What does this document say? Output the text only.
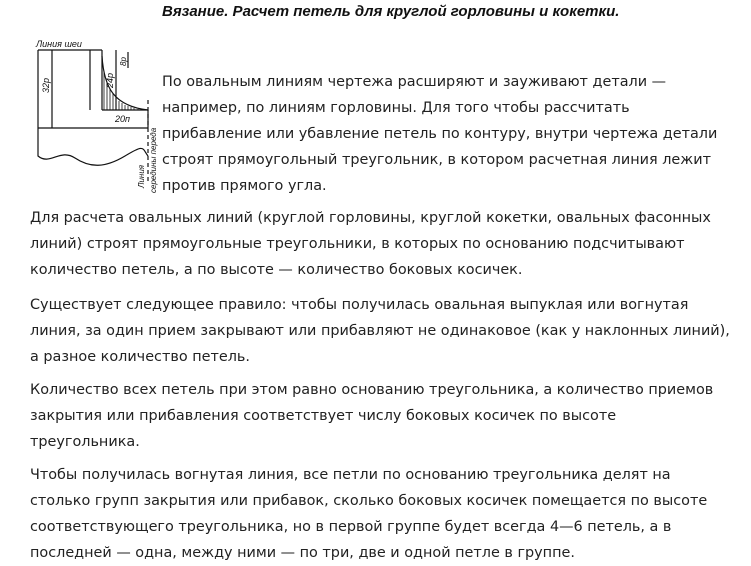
Вязание. Расчет петель для круглой горловины и кокетки.
Линия шеи
32р	24р
8р
20п
Линия середины переда

По овальным линиям чертежа расширяют и зауживают детали — например, по линиям горловины. Для того чтобы рассчитать прибавление или убавление петель по контуру, внутри чертежа детали строят прямоугольный треугольник, в котором расчетная линия лежит против прямого угла.

Для расчета овальных линий (круглой горловины, круглой кокетки, овальных фасонных линий) строят прямоугольные треугольники, в которых по основанию подсчитывают количество петель, а по высоте — количество боковых косичек.

Существует следующее правило: чтобы получилась овальная выпуклая или вогнутая линия, за один прием закрывают или прибавляют не одинаковое (как у наклонных линий), а разное количество петель.

Количество всех петель при этом равно основанию треугольника, а количество приемов закрытия или прибавления соответствует числу боковых косичек по высоте треугольника.

Чтобы получилась вогнутая линия, все петли по основанию треугольника делят на столько групп закрытия или прибавок, сколько боковых косичек помещается по высоте соответствующего треугольника, но в первой группе будет всегда 4—6 петель, а в последней — одна, между ними — по три, две и одной петле в группе.
